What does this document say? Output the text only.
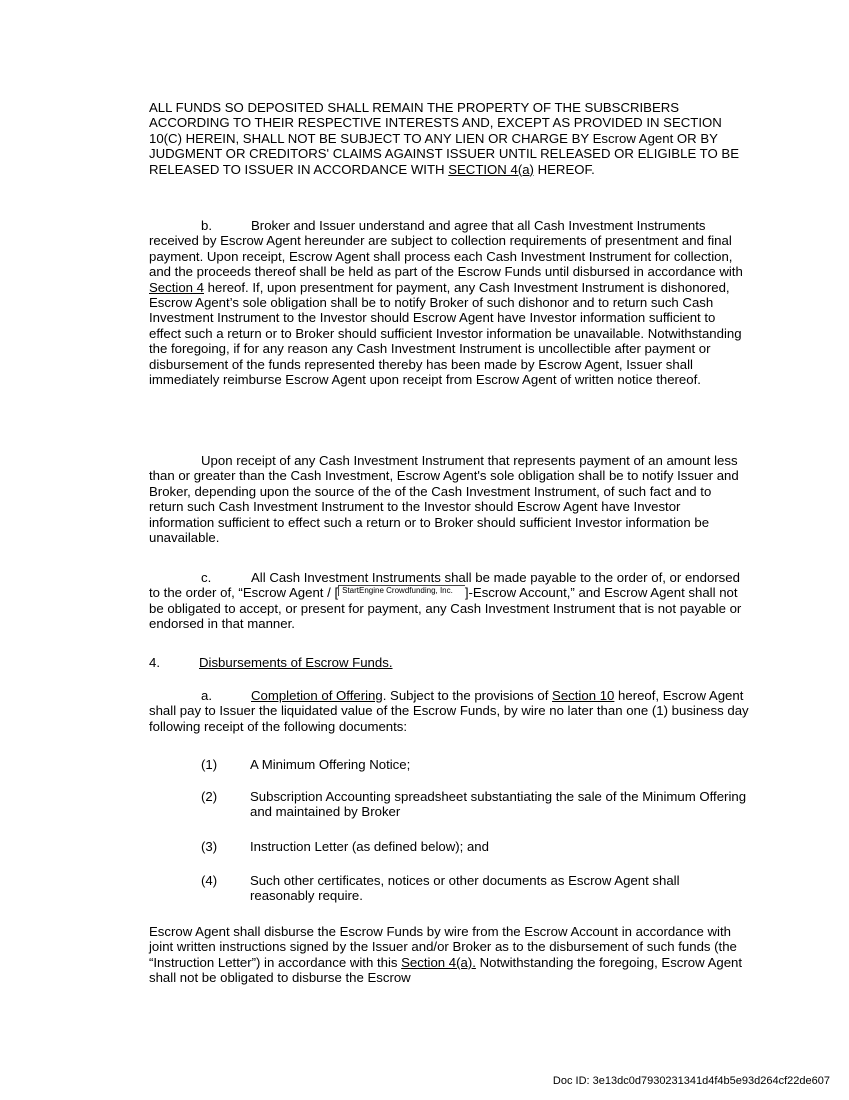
ALL FUNDS SO DEPOSITED SHALL REMAIN THE PROPERTY OF THE SUBSCRIBERS ACCORDING TO THEIR RESPECTIVE INTERESTS AND, EXCEPT AS PROVIDED IN SECTION 10(C) HEREIN, SHALL NOT BE SUBJECT TO ANY LIEN OR CHARGE BY Escrow Agent OR BY JUDGMENT OR CREDITORS' CLAIMS AGAINST ISSUER UNTIL RELEASED OR ELIGIBLE TO BE RELEASED TO ISSUER IN ACCORDANCE WITH SECTION 4(a) HEREOF.

b.	Broker and Issuer understand and agree that all Cash Investment Instruments received by Escrow Agent hereunder are subject to collection requirements of presentment and final payment. Upon receipt, Escrow Agent shall process each Cash Investment Instrument for collection, and the proceeds thereof shall be held as part of the Escrow Funds until disbursed in accordance with Section 4 hereof. If, upon presentment for payment, any Cash Investment Instrument is dishonored, Escrow Agent’s sole obligation shall be to notify Broker of such dishonor and to return such Cash Investment Instrument to the Investor should Escrow Agent have Investor information sufficient to effect such a return or to Broker should sufficient Investor information be unavailable. Notwithstanding the foregoing, if for any reason any Cash Investment Instrument is uncollectible after payment or disbursement of the funds represented thereby has been made by Escrow Agent, Issuer shall immediately reimburse Escrow Agent upon receipt from Escrow Agent of written notice thereof.

Upon receipt of any Cash Investment Instrument that represents payment of an amount less than or greater than the Cash Investment, Escrow Agent's sole obligation shall be to notify Issuer and Broker, depending upon the source of the of the Cash Investment Instrument, of such fact and to return such Cash Investment Instrument to the Investor should Escrow Agent have Investor information sufficient to effect such a return or to Broker should sufficient Investor information be unavailable.

c.	All Cash Investment Instruments shall be made payable to the order of, or endorsed to the order of, “Escrow Agent / [ StartEngine Crowdfunding, Inc. ]-Escrow Account,” and Escrow Agent shall not be obligated to accept, or present for payment, any Cash Investment Instrument that is not payable or endorsed in that manner.

4.	Disbursements of Escrow Funds.

a.	Completion of Offering. Subject to the provisions of Section 10 hereof, Escrow Agent shall pay to Issuer the liquidated value of the Escrow Funds, by wire no later than one (1) business day following receipt of the following documents:

(1) A Minimum Offering Notice;
(2) Subscription Accounting spreadsheet substantiating the sale of the Minimum Offering and maintained by Broker
(3) Instruction Letter (as defined below); and
(4) Such other certificates, notices or other documents as Escrow Agent shall reasonably require.

Escrow Agent shall disburse the Escrow Funds by wire from the Escrow Account in accordance with joint written instructions signed by the Issuer and/or Broker as to the disbursement of such funds (the “Instruction Letter”) in accordance with this Section 4(a). Notwithstanding the foregoing, Escrow Agent shall not be obligated to disburse the Escrow

Doc ID: 3e13dc0d7930231341d4f4b5e93d264cf22de607
